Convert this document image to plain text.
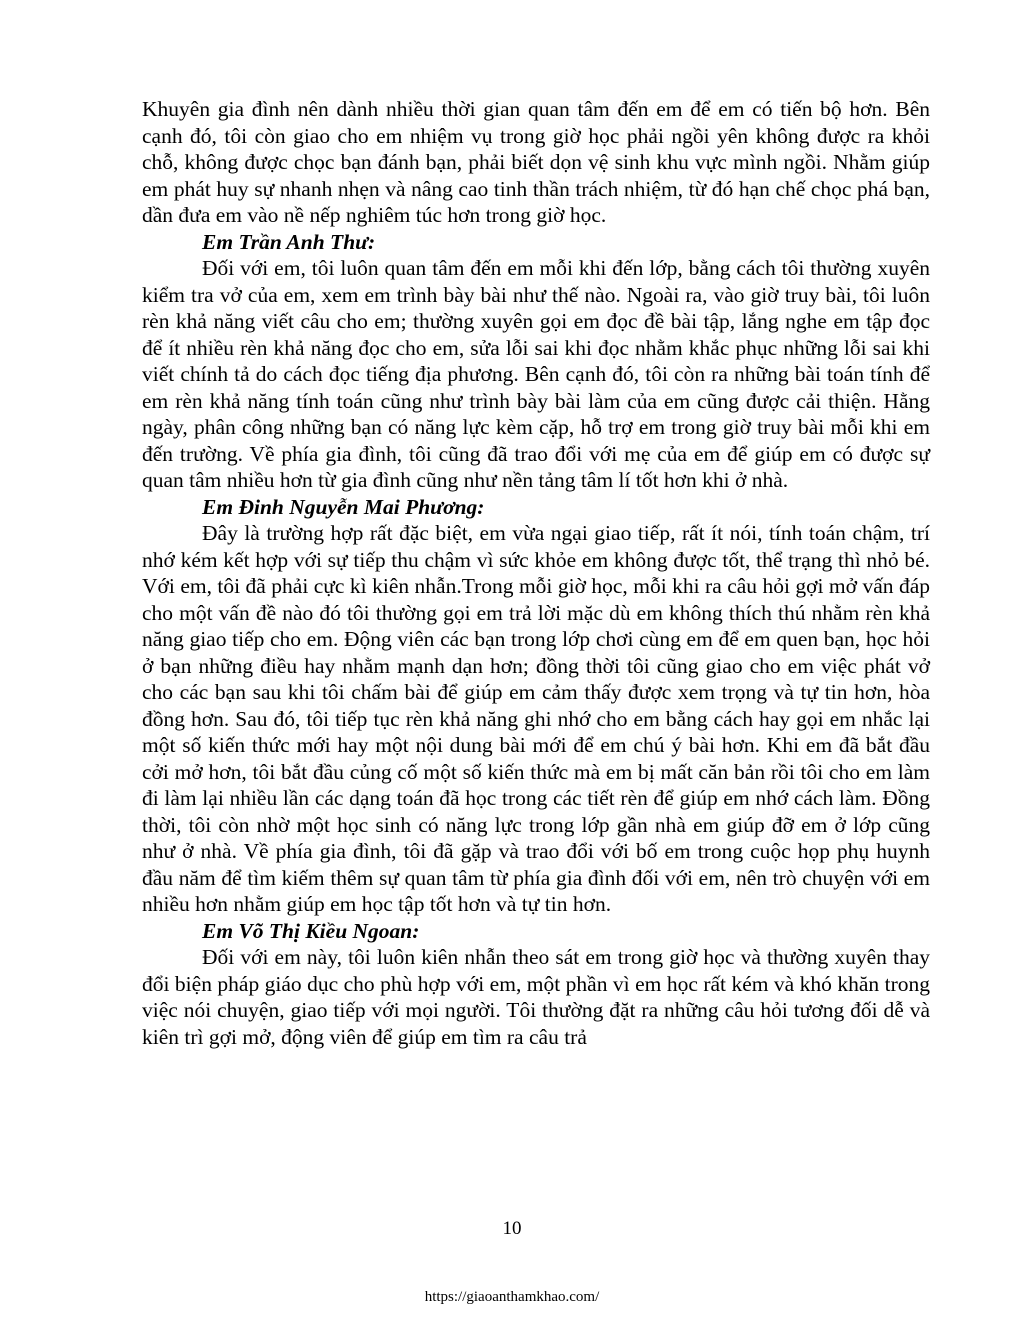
Khuyên gia đình nên dành nhiều thời gian quan tâm đến em để em có tiến bộ hơn. Bên cạnh đó, tôi còn giao cho em nhiệm vụ trong giờ học phải ngồi yên không được ra khỏi chỗ, không được chọc bạn đánh bạn, phải biết dọn vệ sinh khu vực mình ngồi. Nhằm giúp em phát huy sự nhanh nhẹn và nâng cao tinh thần trách nhiệm, từ đó hạn chế chọc phá bạn, dần đưa em vào nề nếp nghiêm túc hơn trong giờ học.

Em Trần Anh Thư:

Đối với em, tôi luôn quan tâm đến em mỗi khi đến lớp, bằng cách tôi thường xuyên kiểm tra vở của em, xem em trình bày bài như thế nào. Ngoài ra, vào giờ truy bài, tôi luôn rèn khả năng viết câu cho em; thường xuyên gọi em đọc đề bài tập, lắng nghe em tập đọc để ít nhiều rèn khả năng đọc cho em, sửa lỗi sai khi đọc nhằm khắc phục những lỗi sai khi viết chính tả do cách đọc tiếng địa phương. Bên cạnh đó, tôi còn ra những bài toán tính để em rèn khả năng tính toán cũng như trình bày bài làm của em cũng được cải thiện. Hằng ngày, phân công những bạn có năng lực kèm cặp, hỗ trợ em trong giờ truy bài mỗi khi em đến trường. Về phía gia đình, tôi cũng đã trao đổi với mẹ của em để giúp em có được sự quan tâm nhiều hơn từ gia đình cũng như nền tảng tâm lí tốt hơn khi ở nhà.

Em Đinh Nguyễn Mai Phương:

Đây là trường hợp rất đặc biệt, em vừa ngại giao tiếp, rất ít nói, tính toán chậm, trí nhớ kém kết hợp với sự tiếp thu chậm vì sức khỏe em không được tốt, thể trạng thì nhỏ bé. Với em, tôi đã phải cực kì kiên nhẫn.Trong mỗi giờ học, mỗi khi ra câu hỏi gợi mở vấn đáp cho một vấn đề nào đó tôi thường gọi em trả lời mặc dù em không thích thú nhằm rèn khả năng giao tiếp cho em. Động viên các bạn trong lớp chơi cùng em để em quen bạn, học hỏi ở bạn những điều hay nhằm mạnh dạn hơn; đồng thời tôi cũng giao cho em việc phát vở cho các bạn sau khi tôi chấm bài để giúp em cảm thấy được xem trọng và tự tin hơn, hòa đồng hơn. Sau đó, tôi tiếp tục rèn khả năng ghi nhớ cho em bằng cách hay gọi em nhắc lại một số kiến thức mới hay một nội dung bài mới để em chú ý bài hơn. Khi em đã bắt đầu cởi mở hơn, tôi bắt đầu củng cố một số kiến thức mà em bị mất căn bản rồi tôi cho em làm đi làm lại nhiều lần các dạng toán đã học trong các tiết rèn để giúp em nhớ cách làm. Đồng thời, tôi còn nhờ một học sinh có năng lực trong lớp gần nhà em giúp đỡ em ở lớp cũng như ở nhà. Về phía gia đình, tôi đã gặp và trao đổi với bố em trong cuộc họp phụ huynh đầu năm để tìm kiếm thêm sự quan tâm từ phía gia đình đối với em, nên trò chuyện với em nhiều hơn nhằm giúp em học tập tốt hơn và tự tin hơn.

Em Võ Thị Kiều Ngoan:

Đối với em này, tôi luôn kiên nhẫn theo sát em trong giờ học và thường xuyên thay đổi biện pháp giáo dục cho phù hợp với em, một phần vì em học rất kém và khó khăn trong việc nói chuyện, giao tiếp với mọi người. Tôi thường đặt ra những câu hỏi tương đối dễ và kiên trì gợi mở, động viên để giúp em tìm ra câu trả

10
https://giaoanthamkhao.com/
